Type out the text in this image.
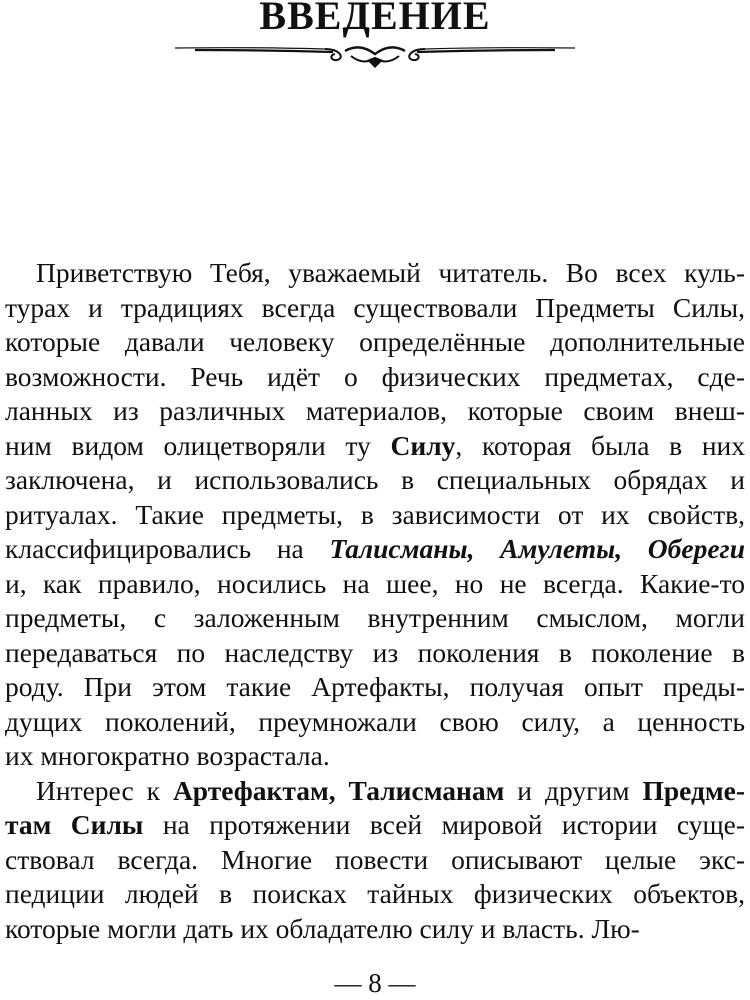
ВВЕДЕНИЕ
Приветствую Тебя, уважаемый читатель. Во всех куль-
турах и традициях всегда существовали Предметы Силы,
которые давали человеку определённые дополнительные
возможности. Речь идёт о физических предметах, сде-
ланных из различных материалов, которые своим внеш-
ним видом олицетворяли ту Силу, которая была в них
заключена, и использовались в специальных обрядах и
ритуалах. Такие предметы, в зависимости от их свойств,
классифицировались на Талисманы, Амулеты, Обереги
и, как правило, носились на шее, но не всегда. Какие-то
предметы, с заложенным внутренним смыслом, могли
передаваться по наследству из поколения в поколение в
роду. При этом такие Артефакты, получая опыт преды-
дущих поколений, преумножали свою силу, а ценность
их многократно возрастала.
Интерес к Артефактам, Талисманам и другим Предме-
там Силы на протяжении всей мировой истории суще-
ствовал всегда. Многие повести описывают целые экс-
педиции людей в поисках тайных физических объектов,
которые могли дать их обладателю силу и власть. Лю-
— 8 —
